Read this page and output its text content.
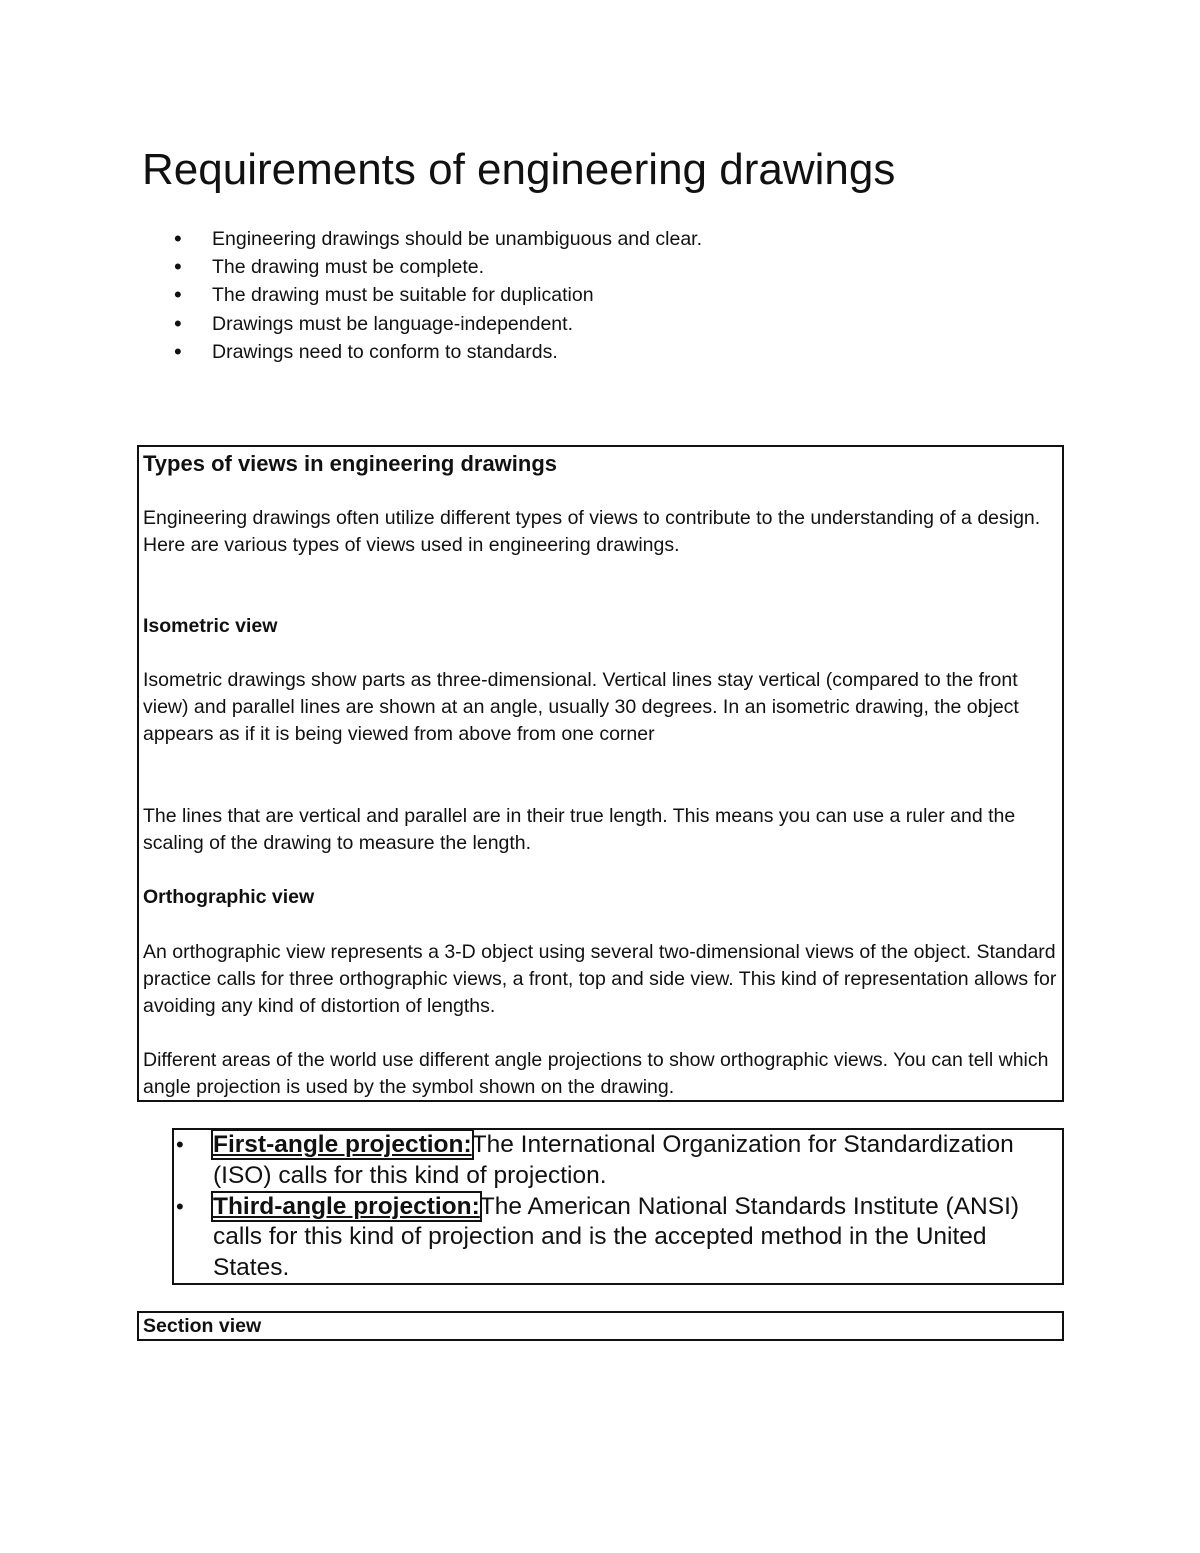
Requirements of engineering drawings
• Engineering drawings should be unambiguous and clear.
• The drawing must be complete.
• The drawing must be suitable for duplication
• Drawings must be language-independent.
• Drawings need to conform to standards.
Types of views in engineering drawings

Engineering drawings often utilize different types of views to contribute to the understanding of a design. Here are various types of views used in engineering drawings.

Isometric view

Isometric drawings show parts as three-dimensional. Vertical lines stay vertical (compared to the front view) and parallel lines are shown at an angle, usually 30 degrees. In an isometric drawing, the object appears as if it is being viewed from above from one corner

The lines that are vertical and parallel are in their true length. This means you can use a ruler and the scaling of the drawing to measure the length.

Orthographic view

An orthographic view represents a 3-D object using several two-dimensional views of the object. Standard practice calls for three orthographic views, a front, top and side view. This kind of representation allows for avoiding any kind of distortion of lengths.

Different areas of the world use different angle projections to show orthographic views. You can tell which angle projection is used by the symbol shown on the drawing.

• First-angle projection:The International Organization for Standardization (ISO) calls for this kind of projection.
• Third-angle projection:The American National Standards Institute (ANSI) calls for this kind of projection and is the accepted method in the United States.
Section view
